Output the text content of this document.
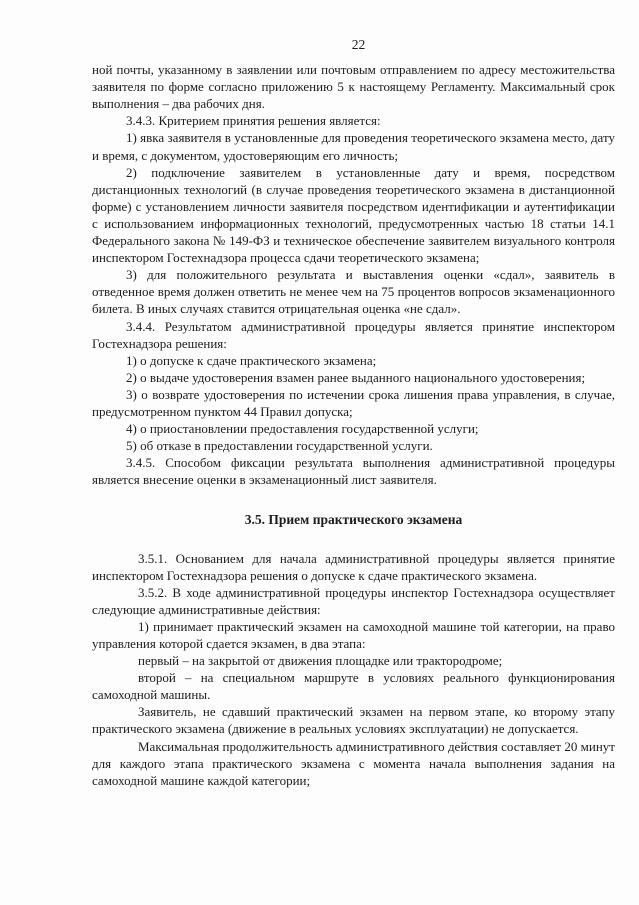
22

ной почты, указанному в заявлении или почтовым отправлением по адресу местожительства заявителя по форме согласно приложению 5 к настоящему Регламенту. Максимальный срок выполнения – два рабочих дня.

3.4.3. Критерием принятия решения является:

1) явка заявителя в установленные для проведения теоретического экзамена место, дату и время, с документом, удостоверяющим его личность;

2) подключение заявителем в установленные дату и время, посредством дистанционных технологий (в случае проведения теоретического экзамена в дистанционной форме) с установлением личности заявителя посредством идентификации и аутентификации с использованием информационных технологий, предусмотренных частью 18 статьи 14.1 Федерального закона № 149-ФЗ и техническое обеспечение заявителем визуального контроля инспектором Гостехнадзора процесса сдачи теоретического экзамена;

3) для положительного результата и выставления оценки «сдал», заявитель в отведенное время должен ответить не менее чем на 75 процентов вопросов экзаменационного билета. В иных случаях ставится отрицательная оценка «не сдал».

3.4.4. Результатом административной процедуры является принятие инспектором Гостехнадзора решения:

1) о допуске к сдаче практического экзамена;

2) о выдаче удостоверения взамен ранее выданного национального удостоверения;

3) о возврате удостоверения по истечении срока лишения права управления, в случае, предусмотренном пунктом 44 Правил допуска;

4) о приостановлении предоставления государственной услуги;

5) об отказе в предоставлении государственной услуги.

3.4.5. Способом фиксации результата выполнения административной процедуры является внесение оценки в экзаменационный лист заявителя.

3.5. Прием практического экзамена

3.5.1. Основанием для начала административной процедуры является принятие инспектором Гостехнадзора решения о допуске к сдаче практического экзамена.

3.5.2. В ходе административной процедуры инспектор Гостехнадзора осуществляет следующие административные действия:

1) принимает практический экзамен на самоходной машине той категории, на право управления которой сдается экзамен, в два этапа:

первый – на закрытой от движения площадке или трактородроме;

второй – на специальном маршруте в условиях реального функционирования самоходной машины.

Заявитель, не сдавший практический экзамен на первом этапе, ко второму этапу практического экзамена (движение в реальных условиях эксплуатации) не допускается.

Максимальная продолжительность административного действия составляет 20 минут для каждого этапа практического экзамена с момента начала выполнения задания на самоходной машине каждой категории;
